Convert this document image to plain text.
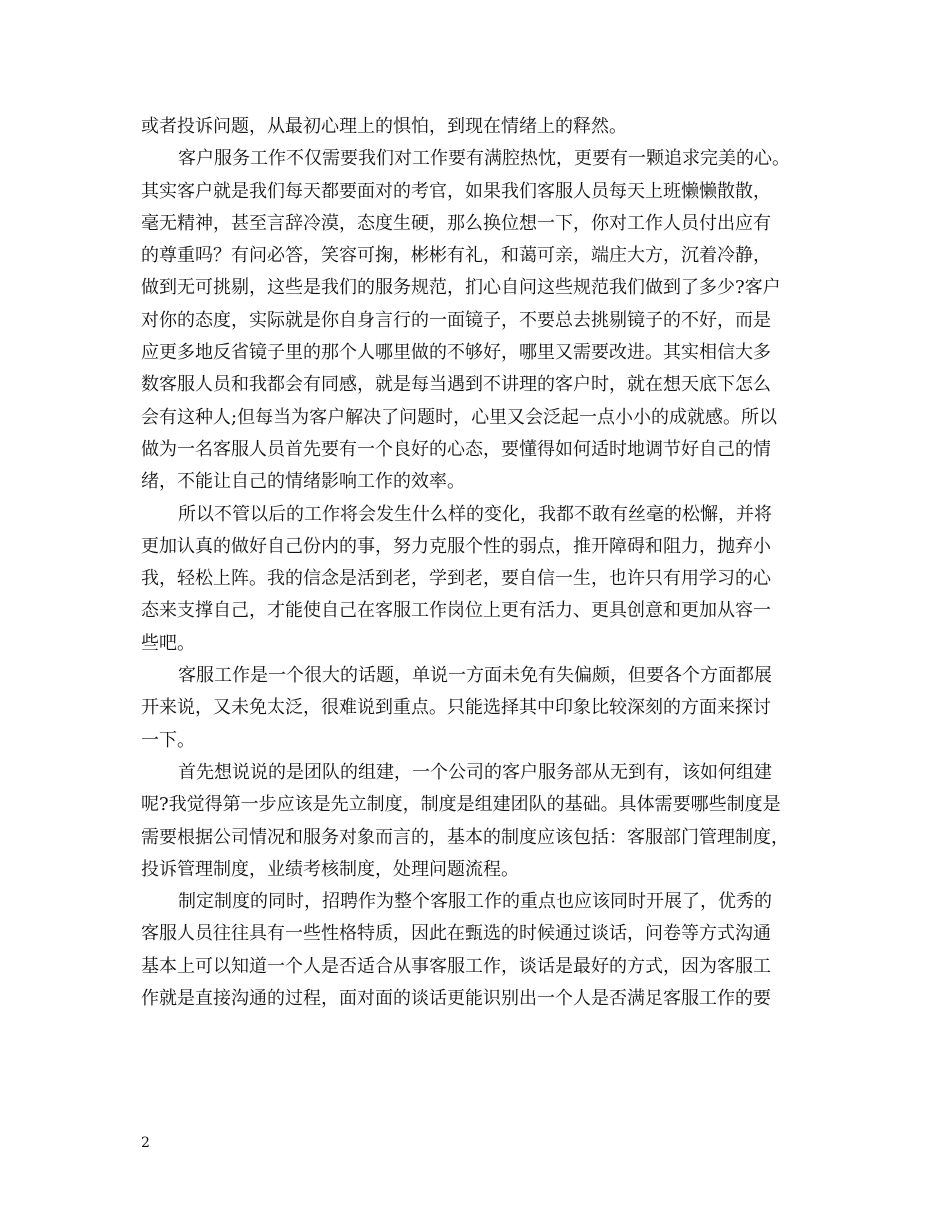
或者投诉问题，从最初心理上的惧怕，到现在情绪上的释然。
客户服务工作不仅需要我们对工作要有满腔热忱，更要有一颗追求完美的心。
其实客户就是我们每天都要面对的考官，如果我们客服人员每天上班懒懒散散，
毫无精神，甚至言辞冷漠，态度生硬，那么换位想一下，你对工作人员付出应有
的尊重吗？有问必答，笑容可掬，彬彬有礼，和蔼可亲，端庄大方，沉着冷静，
做到无可挑剔，这些是我们的服务规范，扪心自问这些规范我们做到了多少?客户
对你的态度，实际就是你自身言行的一面镜子，不要总去挑剔镜子的不好，而是
应更多地反省镜子里的那个人哪里做的不够好，哪里又需要改进。其实相信大多
数客服人员和我都会有同感，就是每当遇到不讲理的客户时，就在想天底下怎么
会有这种人;但每当为客户解决了问题时，心里又会泛起一点小小的成就感。所以
做为一名客服人员首先要有一个良好的心态，要懂得如何适时地调节好自己的情
绪，不能让自己的情绪影响工作的效率。
所以不管以后的工作将会发生什么样的变化，我都不敢有丝毫的松懈，并将
更加认真的做好自己份内的事，努力克服个性的弱点，推开障碍和阻力，抛弃小
我，轻松上阵。我的信念是活到老，学到老，要自信一生，也许只有用学习的心
态来支撑自己，才能使自己在客服工作岗位上更有活力、更具创意和更加从容一
些吧。
客服工作是一个很大的话题，单说一方面未免有失偏颇，但要各个方面都展
开来说，又未免太泛，很难说到重点。只能选择其中印象比较深刻的方面来探讨
一下。
首先想说说的是团队的组建，一个公司的客户服务部从无到有，该如何组建
呢?我觉得第一步应该是先立制度，制度是组建团队的基础。具体需要哪些制度是
需要根据公司情况和服务对象而言的，基本的制度应该包括：客服部门管理制度，
投诉管理制度，业绩考核制度，处理问题流程。
制定制度的同时，招聘作为整个客服工作的重点也应该同时开展了，优秀的
客服人员往往具有一些性格特质，因此在甄选的时候通过谈话，问卷等方式沟通
基本上可以知道一个人是否适合从事客服工作，谈话是最好的方式，因为客服工
作就是直接沟通的过程，面对面的谈话更能识别出一个人是否满足客服工作的要
2
